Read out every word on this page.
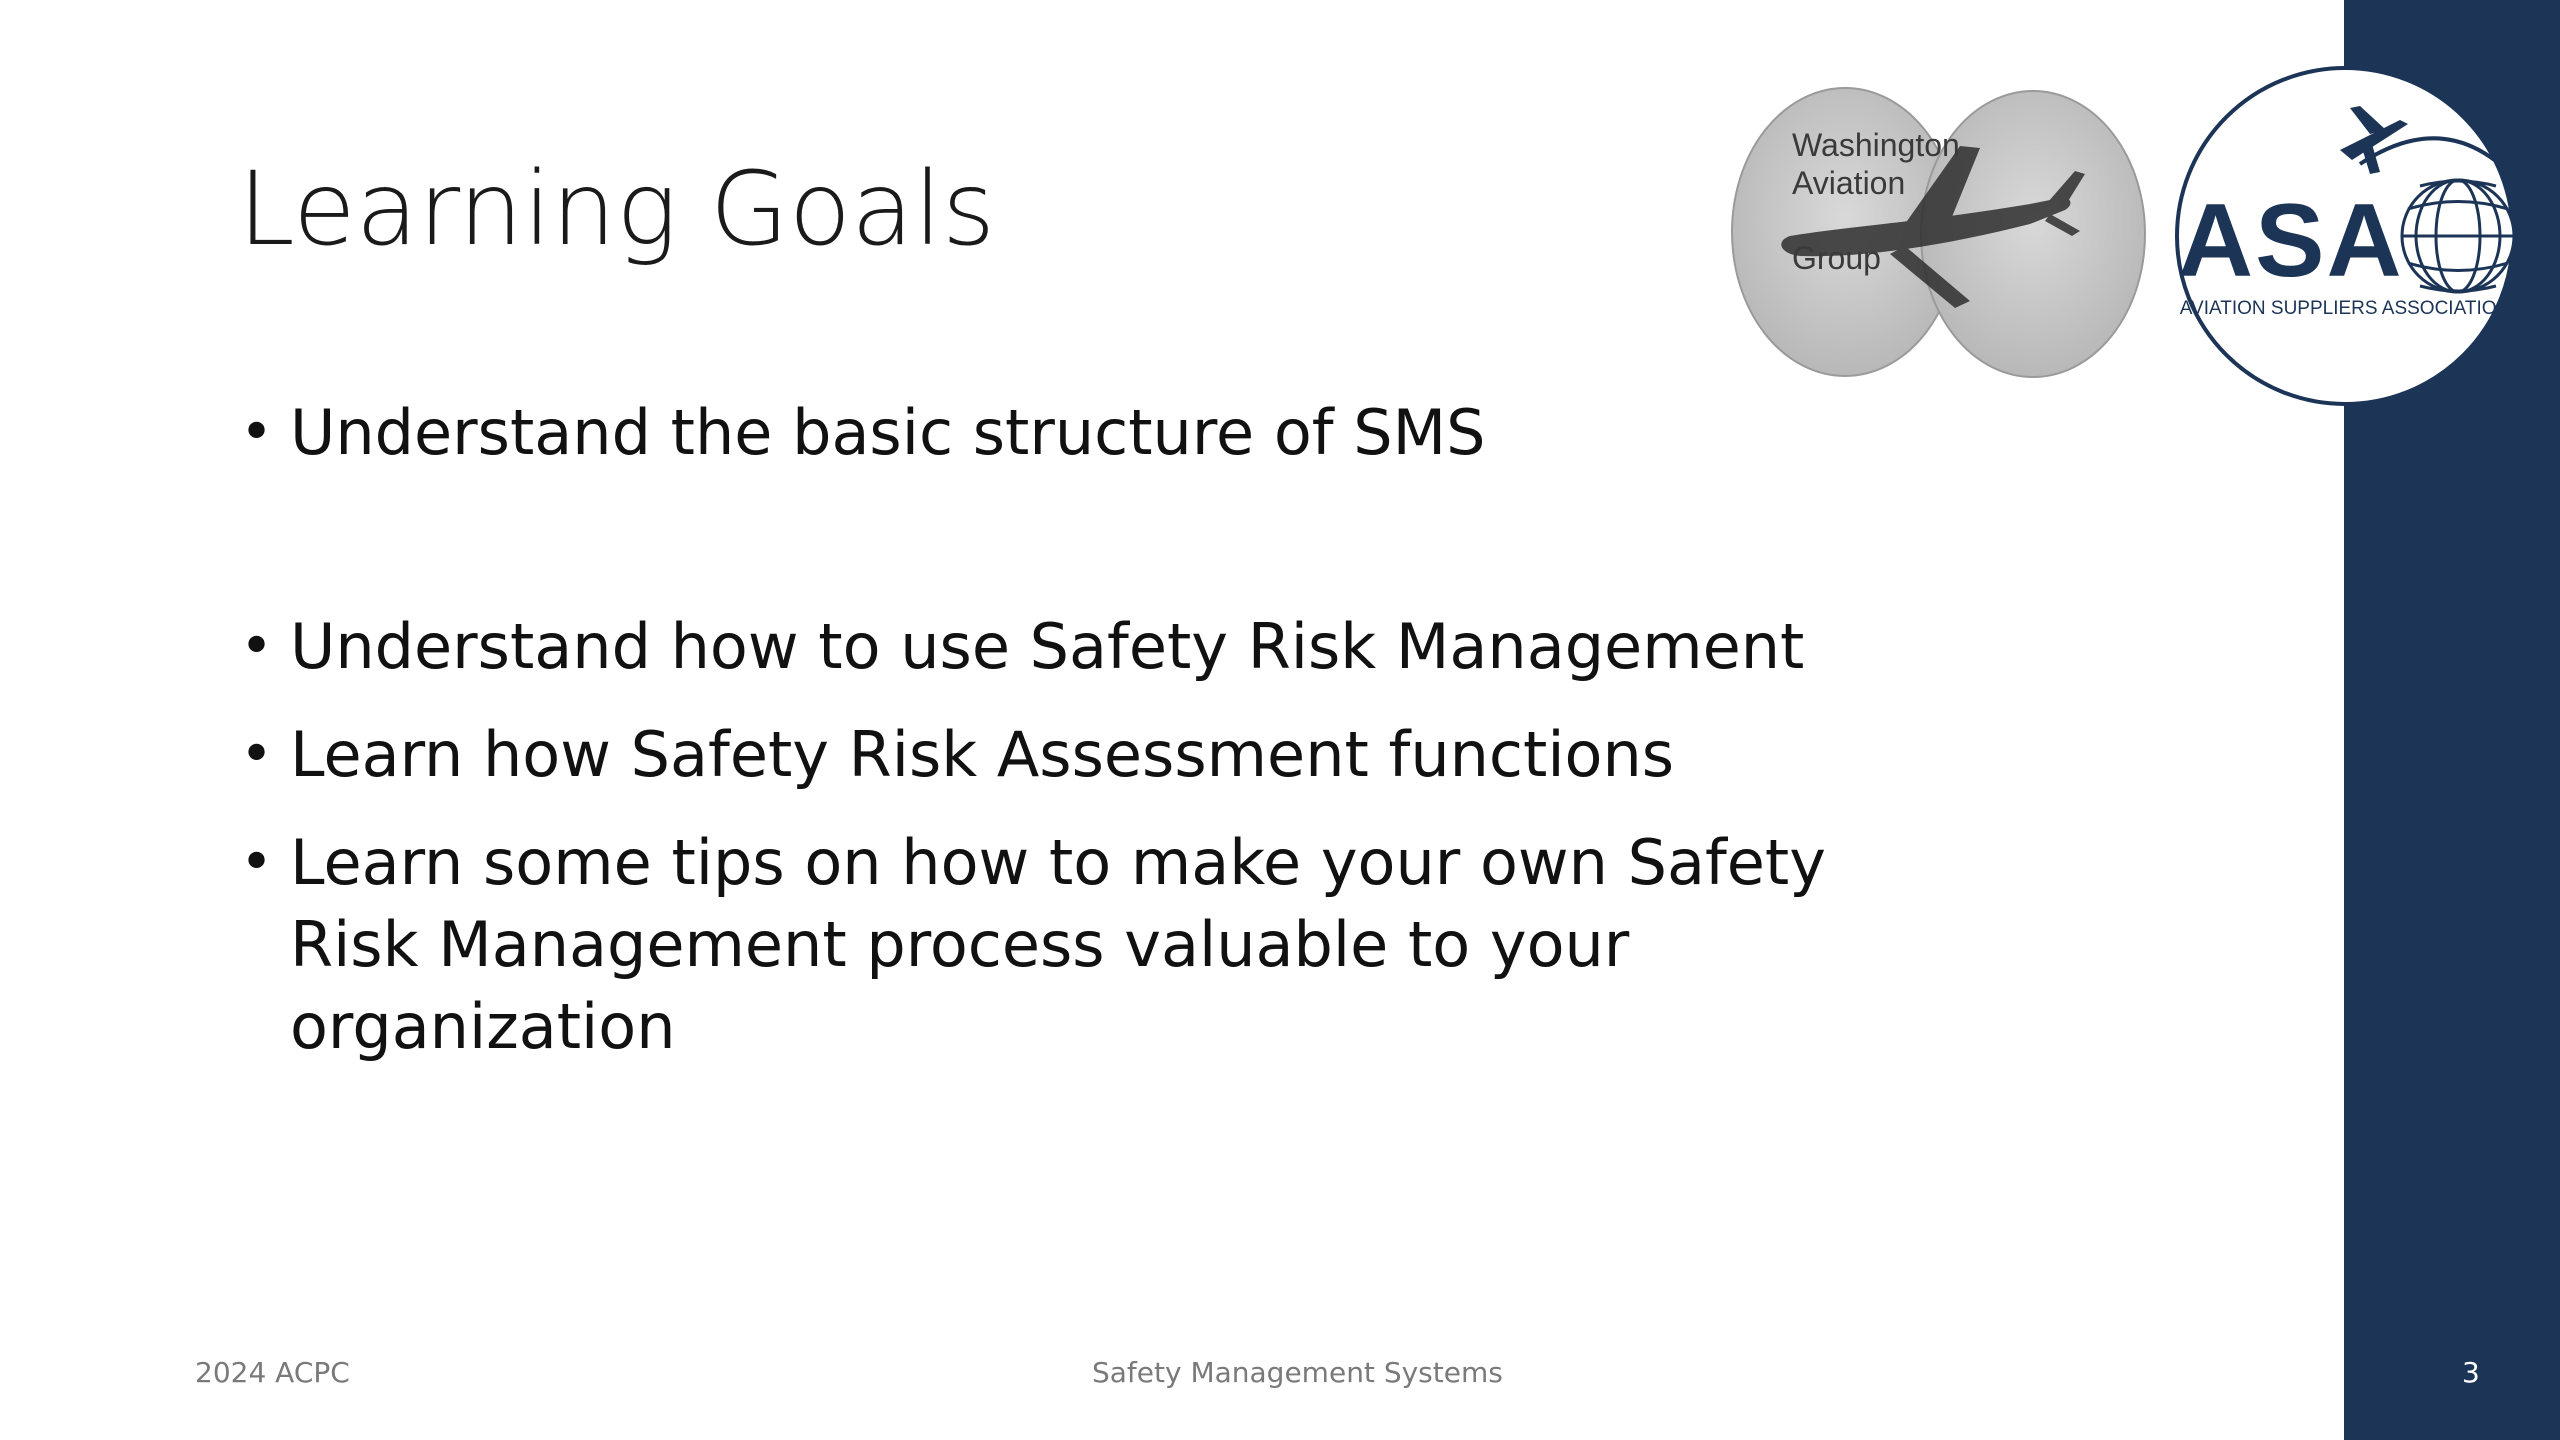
Learning Goals
• Understand the basic structure of SMS
• Understand how to use Safety Risk Management
• Learn how Safety Risk Assessment functions
• Learn some tips on how to make your own Safety Risk Management process valuable to your organization
Washington
Aviation
Group	ASA
AVIATION SUPPLIERS ASSOCIATION
2024 ACPC	Safety Management Systems	3
